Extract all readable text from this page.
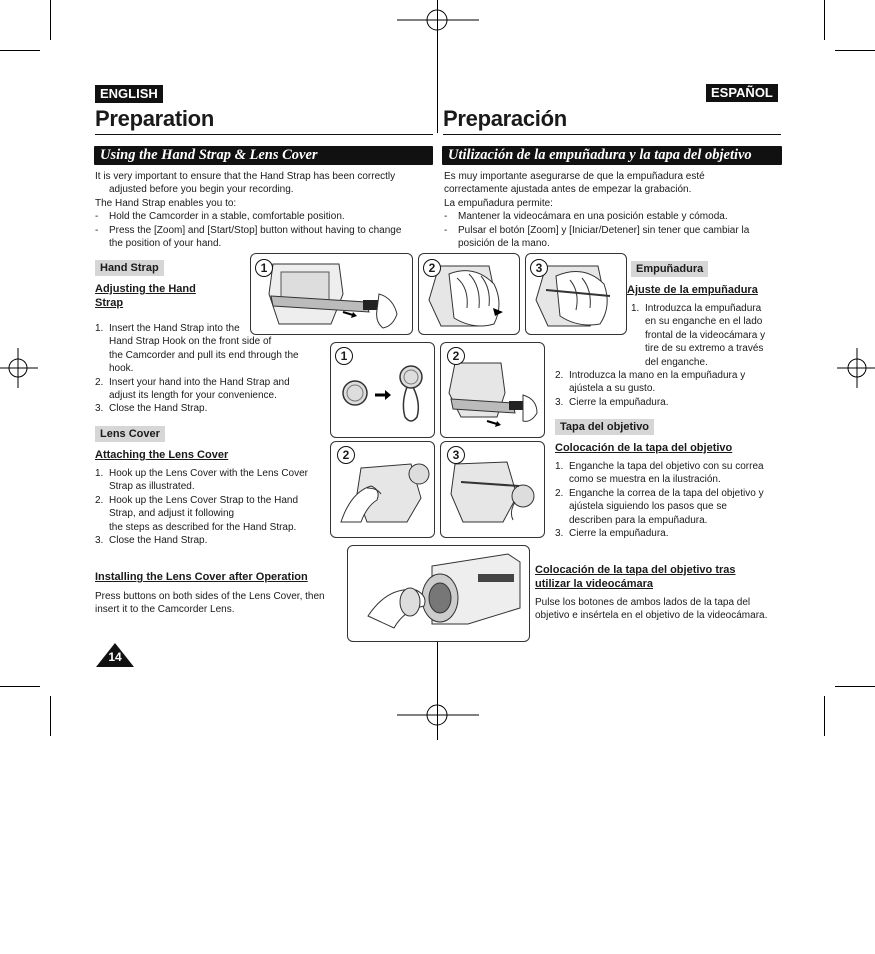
ENGLISH	ESPAÑOL
Preparation	Preparación
Using the Hand Strap & Lens Cover	Utilización de la empuñadura y la tapa del objetivo

It is very important to ensure that the Hand Strap has been correctly

adjusted before you begin your recording.

The Hand Strap enables you to:

-	Hold the Camcorder in a stable, comfortable position.
-	Press the [Zoom] and [Start/Stop] button without having to change
the position of your hand.

Es muy importante asegurarse de que la empuñadura esté

correctamente ajustada antes de empezar la grabación.

La empuñadura permite:

-	Mantener la videocámara en una posición estable y cómoda.
-	Pulsar el botón [Zoom] y [Iniciar/Detener] sin tener que cambiar la
posición de la mano.
Hand Strap
Adjusting the Hand
Strap
1. Insert the Hand Strap into the
Hand Strap Hook on the front side of
the Camcorder and pull its end through the
hook.
2. Insert your hand into the Hand Strap and
adjust its length for your convenience.
3. Close the Hand Strap.
Lens Cover
Attaching the Lens Cover
1. Hook up the Lens Cover with the Lens Cover
Strap as illustrated.
2. Hook up the Lens Cover Strap to the Hand
Strap, and adjust it following
the steps as described for the Hand Strap.
3. Close the Hand Strap.
Installing the Lens Cover after Operation

Press buttons on both sides of the Lens Cover, then

insert it to the Camcorder Lens.

Empuñadura
Ajuste de la empuñadura
1. Introduzca la empuñadura
en su enganche en el lado
frontal de la videocámara y
tire de su extremo a través
del enganche.
2. Introduzca la mano en la empuñadura y
ajústela a su gusto.
3. Cierre la empuñadura.
Tapa del objetivo
Colocación de la tapa del objetivo
1. Enganche la tapa del objetivo con su correa
como se muestra en la ilustración.
2. Enganche la correa de la tapa del objetivo y
ajústela siguiendo los pasos que se
describen para la empuñadura.
3. Cierre la empuñadura.
Colocación de la tapa del objetivo tras
utilizar la videocámara

Pulse los botones de ambos lados de la tapa del

objetivo e insértela en el objetivo de la videocámara.

1	2	3
1	2
2	3
14
